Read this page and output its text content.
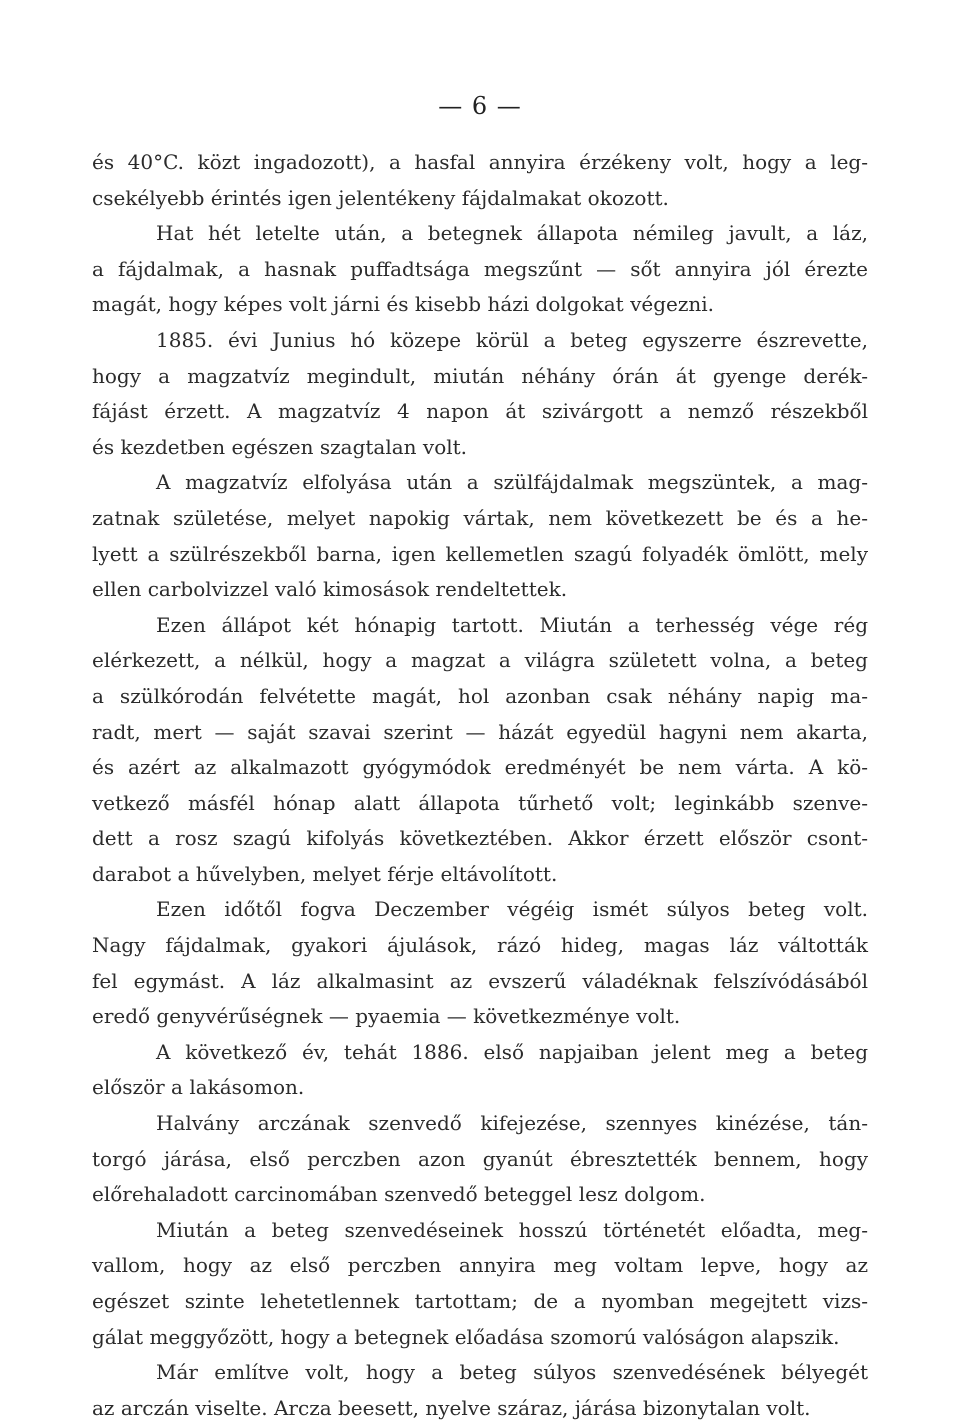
— 6 —
és 40°C. közt ingadozott), a hasfal annyira érzékeny volt, hogy a leg-
csekélyebb érintés igen jelentékeny fájdalmakat okozott.
Hat hét letelte után, a betegnek állapota némileg javult, a láz,
a fájdalmak, a hasnak puffadtsága megszűnt — sőt annyira jól érezte
magát, hogy képes volt járni és kisebb házi dolgokat végezni.
1885. évi Junius hó közepe körül a beteg egyszerre észrevette,
hogy a magzatvíz megindult, miután néhány órán át gyenge derék-
fájást érzett. A magzatvíz 4 napon át szivárgott a nemző részekből
és kezdetben egészen szagtalan volt.
A magzatvíz elfolyása után a szülfájdalmak megszüntek, a mag-
zatnak születése, melyet napokig vártak, nem következett be és a he-
lyett a szülrészekből barna, igen kellemetlen szagú folyadék ömlött, mely
ellen carbolvizzel való kimosások rendeltettek.
Ezen állápot két hónapig tartott. Miután a terhesség vége rég
elérkezett, a nélkül, hogy a magzat a világra született volna, a beteg
a szülkórodán felvétette magát, hol azonban csak néhány napig ma-
radt, mert — saját szavai szerint — házát egyedül hagyni nem akarta,
és azért az alkalmazott gyógymódok eredményét be nem várta. A kö-
vetkező másfél hónap alatt állapota tűrhető volt; leginkább szenve-
dett a rosz szagú kifolyás következtében. Akkor érzett először csont-
darabot a hűvelyben, melyet férje eltávolított.
Ezen időtől fogva Deczember végéig ismét súlyos beteg volt.
Nagy fájdalmak, gyakori ájulások, rázó hideg, magas láz váltották
fel egymást. A láz alkalmasint az evszerű váladéknak felszívódásából
eredő genyvérűségnek — pyaemia — következménye volt.
A következő év, tehát 1886. első napjaiban jelent meg a beteg
először a lakásomon.
Halvány arczának szenvedő kifejezése, szennyes kinézése, tán-
torgó járása, első perczben azon gyanút ébresztették bennem, hogy
előrehaladott carcinomában szenvedő beteggel lesz dolgom.
Miután a beteg szenvedéseinek hosszú történetét előadta, meg-
vallom, hogy az első perczben annyira meg voltam lepve, hogy az
egészet szinte lehetetlennek tartottam; de a nyomban megejtett vizs-
gálat meggyőzött, hogy a betegnek előadása szomorú valóságon alapszik.
Már említve volt, hogy a beteg súlyos szenvedésének bélyegét
az arczán viselte. Arcza beesett, nyelve száraz, járása bizonytalan volt.
